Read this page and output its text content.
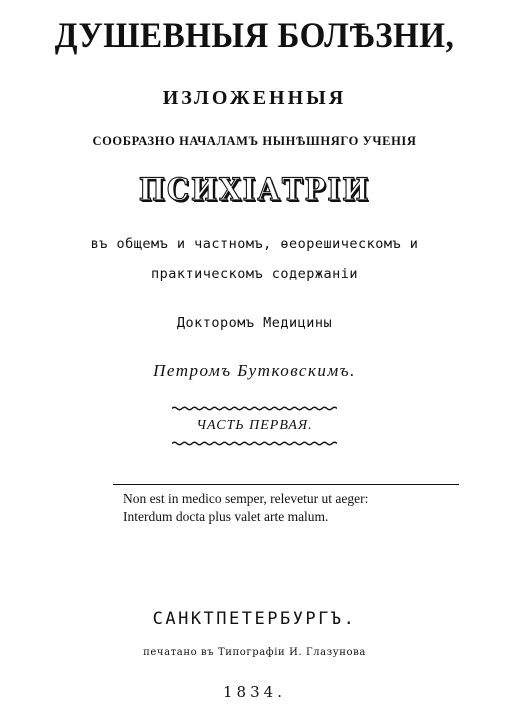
ДУШЕВНЫЯ БОЛѢЗНИ,
ИЗЛОЖЕННЫЯ
СООБРАЗНО НАЧАЛАМЪ НЫНѢШНЯГО УЧЕНІЯ
ПСИХІАТРІИ
въ общемъ и частномъ, ѳеорешическомъ и
практическомъ содержаніи
Докторомъ Медицины
Петромъ Бутковскимъ.
ЧАСТЬ ПЕРВАЯ.
Non est in medico semper, relevetur ut aeger:
Interdum docta plus valet arte malum.
САНКТПЕТЕРБУРГЪ.
печатано въ Типографіи И. Глазунова
1834.
